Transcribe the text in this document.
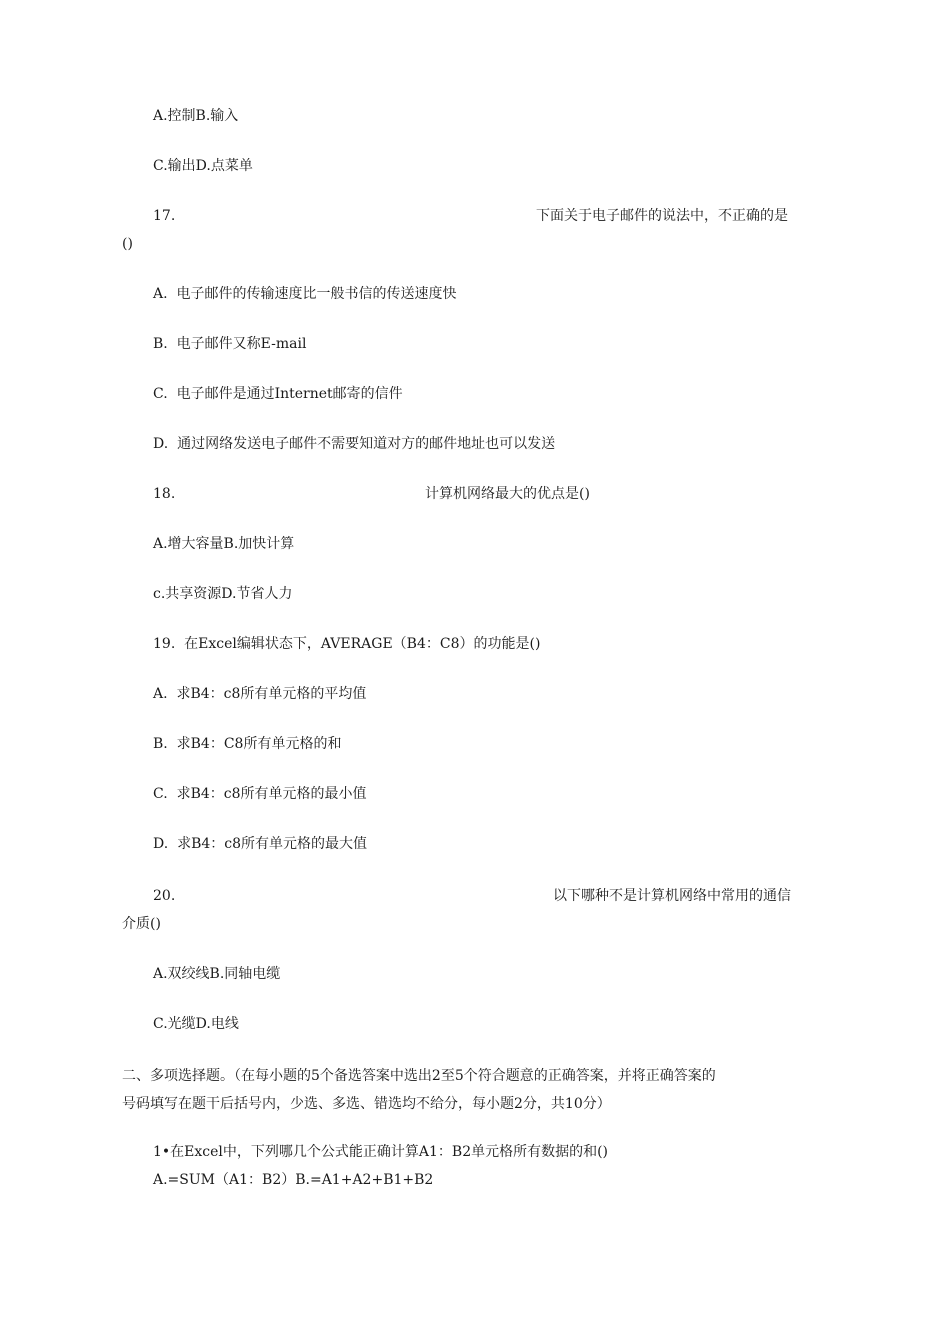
A.控制B.输入
C.输出D.点菜单
17.	下面关于电子邮件的说法中，不正确的是
()
A.  电子邮件的传输速度比一般书信的传送速度快
B.  电子邮件又称E-mail
C.  电子邮件是通过Internet邮寄的信件
D.  通过网络发送电子邮件不需要知道对方的邮件地址也可以发送
18.	计算机网络最大的优点是()
A.增大容量B.加快计算
c.共享资源D.节省人力
19.  在Excel编辑状态下，AVERAGE（B4：C8）的功能是()
A.  求B4：c8所有单元格的平均值
B.  求B4：C8所有单元格的和
C.  求B4：c8所有单元格的最小值
D.  求B4：c8所有单元格的最大值
20.	以下哪种不是计算机网络中常用的通信
介质()
A.双绞线B.同轴电缆
C.光缆D.电线
二、多项选择题。（在每小题的5个备选答案中选出2至5个符合题意的正确答案，并将正确答案的
号码填写在题干后括号内，少选、多选、错选均不给分，每小题2分，共10分）
1•在Excel中，下列哪几个公式能正确计算A1：B2单元格所有数据的和()
A.=SUM（A1：B2）B.=A1+A2+B1+B2
